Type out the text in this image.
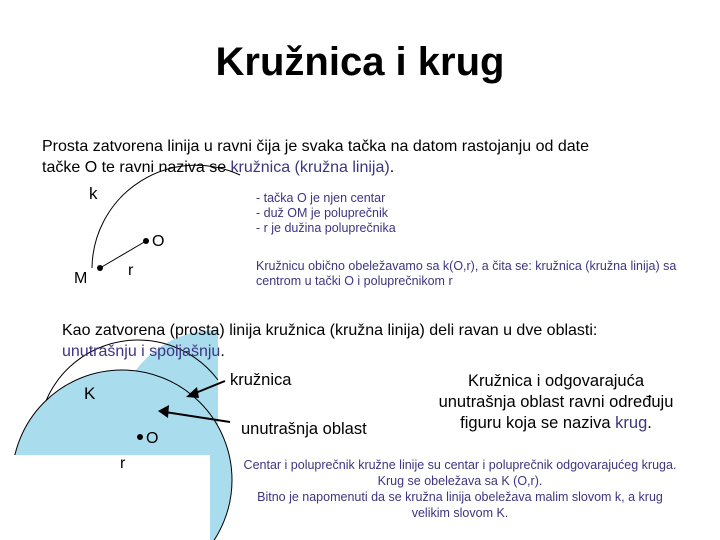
Kružnica i krug
Prosta zatvorena linija u ravni čija je svaka tačka na datom rastojanju od date
tačke O te ravni naziva se kružnica (kružna linija).
k
O
r
M
- tačka O je njen centar
- duž OM je poluprečnik
- r je dužina poluprečnika
Kružnicu obično obeležavamo sa k(O,r), a čita se: kružnica (kružna linija) sa centrom u tački O i poluprečnikom r
Kao zatvorena (prosta) linija kružnica (kružna linija) deli ravan u dve oblasti:
unutrašnju i spoljašnju.
K
O
r
kružnica
unutrašnja oblast
Kružnica i odgovarajuća
unutrašnja oblast ravni određuju
figuru koja se naziva krug.
Centar i poluprečnik kružne linije su centar i poluprečnik odgovarajućeg kruga.
Krug se obeležava sa K (O,r).
Bitno je napomenuti da se kružna linija obeležava malim slovom k, a krug
velikim slovom K.
